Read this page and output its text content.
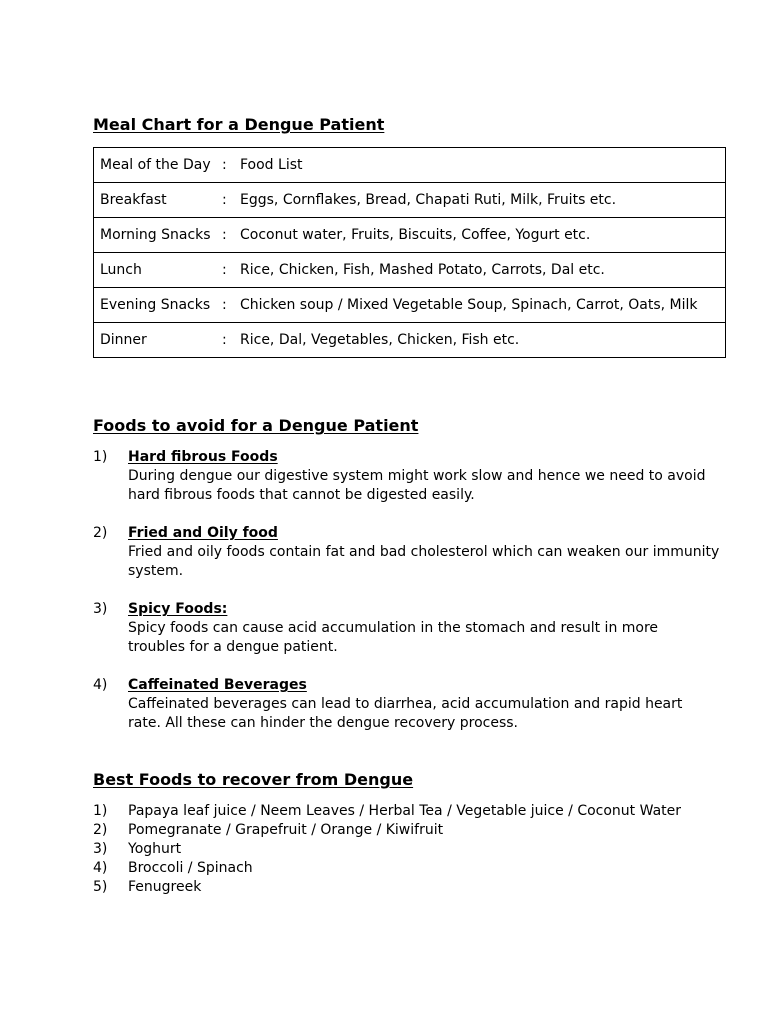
Meal Chart for a Dengue Patient
Meal of the Day	:	Food List
Breakfast	:	Eggs, Cornflakes, Bread, Chapati Ruti, Milk, Fruits etc.
Morning Snacks	:	Coconut water, Fruits, Biscuits, Coffee, Yogurt etc.
Lunch	:	Rice, Chicken, Fish, Mashed Potato, Carrots, Dal etc.
Evening Snacks	:	Chicken soup / Mixed Vegetable Soup, Spinach, Carrot, Oats, Milk
Dinner	:	Rice, Dal, Vegetables, Chicken, Fish etc.
Foods to avoid for a Dengue Patient
1) Hard fibrous Foods
During dengue our digestive system might work slow and hence we need to avoid
hard fibrous foods that cannot be digested easily.
2) Fried and Oily food
Fried and oily foods contain fat and bad cholesterol which can weaken our immunity
system.
3) Spicy Foods:
Spicy foods can cause acid accumulation in the stomach and result in more
troubles for a dengue patient.
4) Caffeinated Beverages
Caffeinated beverages can lead to diarrhea, acid accumulation and rapid heart
rate. All these can hinder the dengue recovery process.
Best Foods to recover from Dengue
1) Papaya leaf juice / Neem Leaves / Herbal Tea / Vegetable juice / Coconut Water
2) Pomegranate / Grapefruit / Orange / Kiwifruit
3) Yoghurt
4) Broccoli / Spinach
5) Fenugreek
